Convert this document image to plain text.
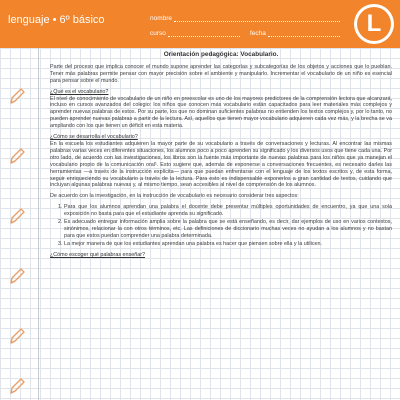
lenguaje • 6º básico	nombre
curso	fecha	L
Orientación pedagógica: Vocabulario.

Parte del proceso que implica conocer el mundo supone aprender las categorías y subcategorías de los objetos y acciones que lo pueblan. Tener más palabras permite pensar con mayor precisión sobre el ambiente y manipularlo. Incrementar el vocabulario de un niño es esencial para pensar sobre el mundo.

¿Qué es el vocabulario?

El nivel de conocimiento de vocabulario de un niño en preescolar es uno de los mayores predictores de la comprensión lectora que alcanzará, incluso en cursos avanzados del colegio: los niños que conocen más vocabulario están capacitados para leer materiales más complejos y aprender nuevas palabras de estos. Por su parte, los que no dominan suficientes palabras no entienden los textos complejos y, por lo tanto, no pueden aprender nuevas palabras a partir de la lectura. Así, aquellos que tienen mayor vocabulario adquieren cada vez más, y la brecha se va ampliando con los que tienen un déficit en esta materia.

¿Cómo se desarrolla el vocabulario?

En la escuela los estudiantes adquieren la mayor parte de su vocabulario a través de conversaciones y lecturas. Al encontrar las mismas palabras varias veces en diferentes situaciones, los alumnos poco a poco aprenden su significado y los diversos usos que tiene cada una. Por otro lado, de acuerdo con las investigaciones, los libros son la fuente más importante de nuevas palabras para los niños que ya manejan el vocabulario propio de la comunicación oral¹. Esto sugiere que, además de exponerse a conversaciones frecuentes, es necesario darles las herramientas —a través de la instrucción explícita— para que puedan enfrentarse con el lenguaje de los textos escritos y, de esta forma, seguir enriqueciendo su vocabulario a través de la lectura. Para esto es indispensable exponerlos a gran cantidad de textos, cuidando que incluyan algunas palabras nuevas y, al mismo tiempo, sean accesibles al nivel de comprensión de los alumnos.

De acuerdo con la investigación, en la instrucción de vocabulario es necesario considerar tres aspectos:

1. Para que los alumnos aprendan una palabra el docente debe presentar múltiples oportunidades de encuentro, ya que una sola exposición no basta para que el estudiante aprenda su significado.
2. Es adecuado entregar información amplia sobre la palabra que se está enseñando, es decir, dar ejemplos de uso en varios contextos, sinónimos, relacionar la con otros términos, etc. Las definiciones de diccionario muchas veces no ayudan a los alumnos y no bastan para que estos puedan comprender una palabra determinada.
3. La mejor manera de que los estudiantes aprendan una palabra es hacer que piensen sobre ella y la utilicen.
¿Cómo escoger qué palabras enseñar?
